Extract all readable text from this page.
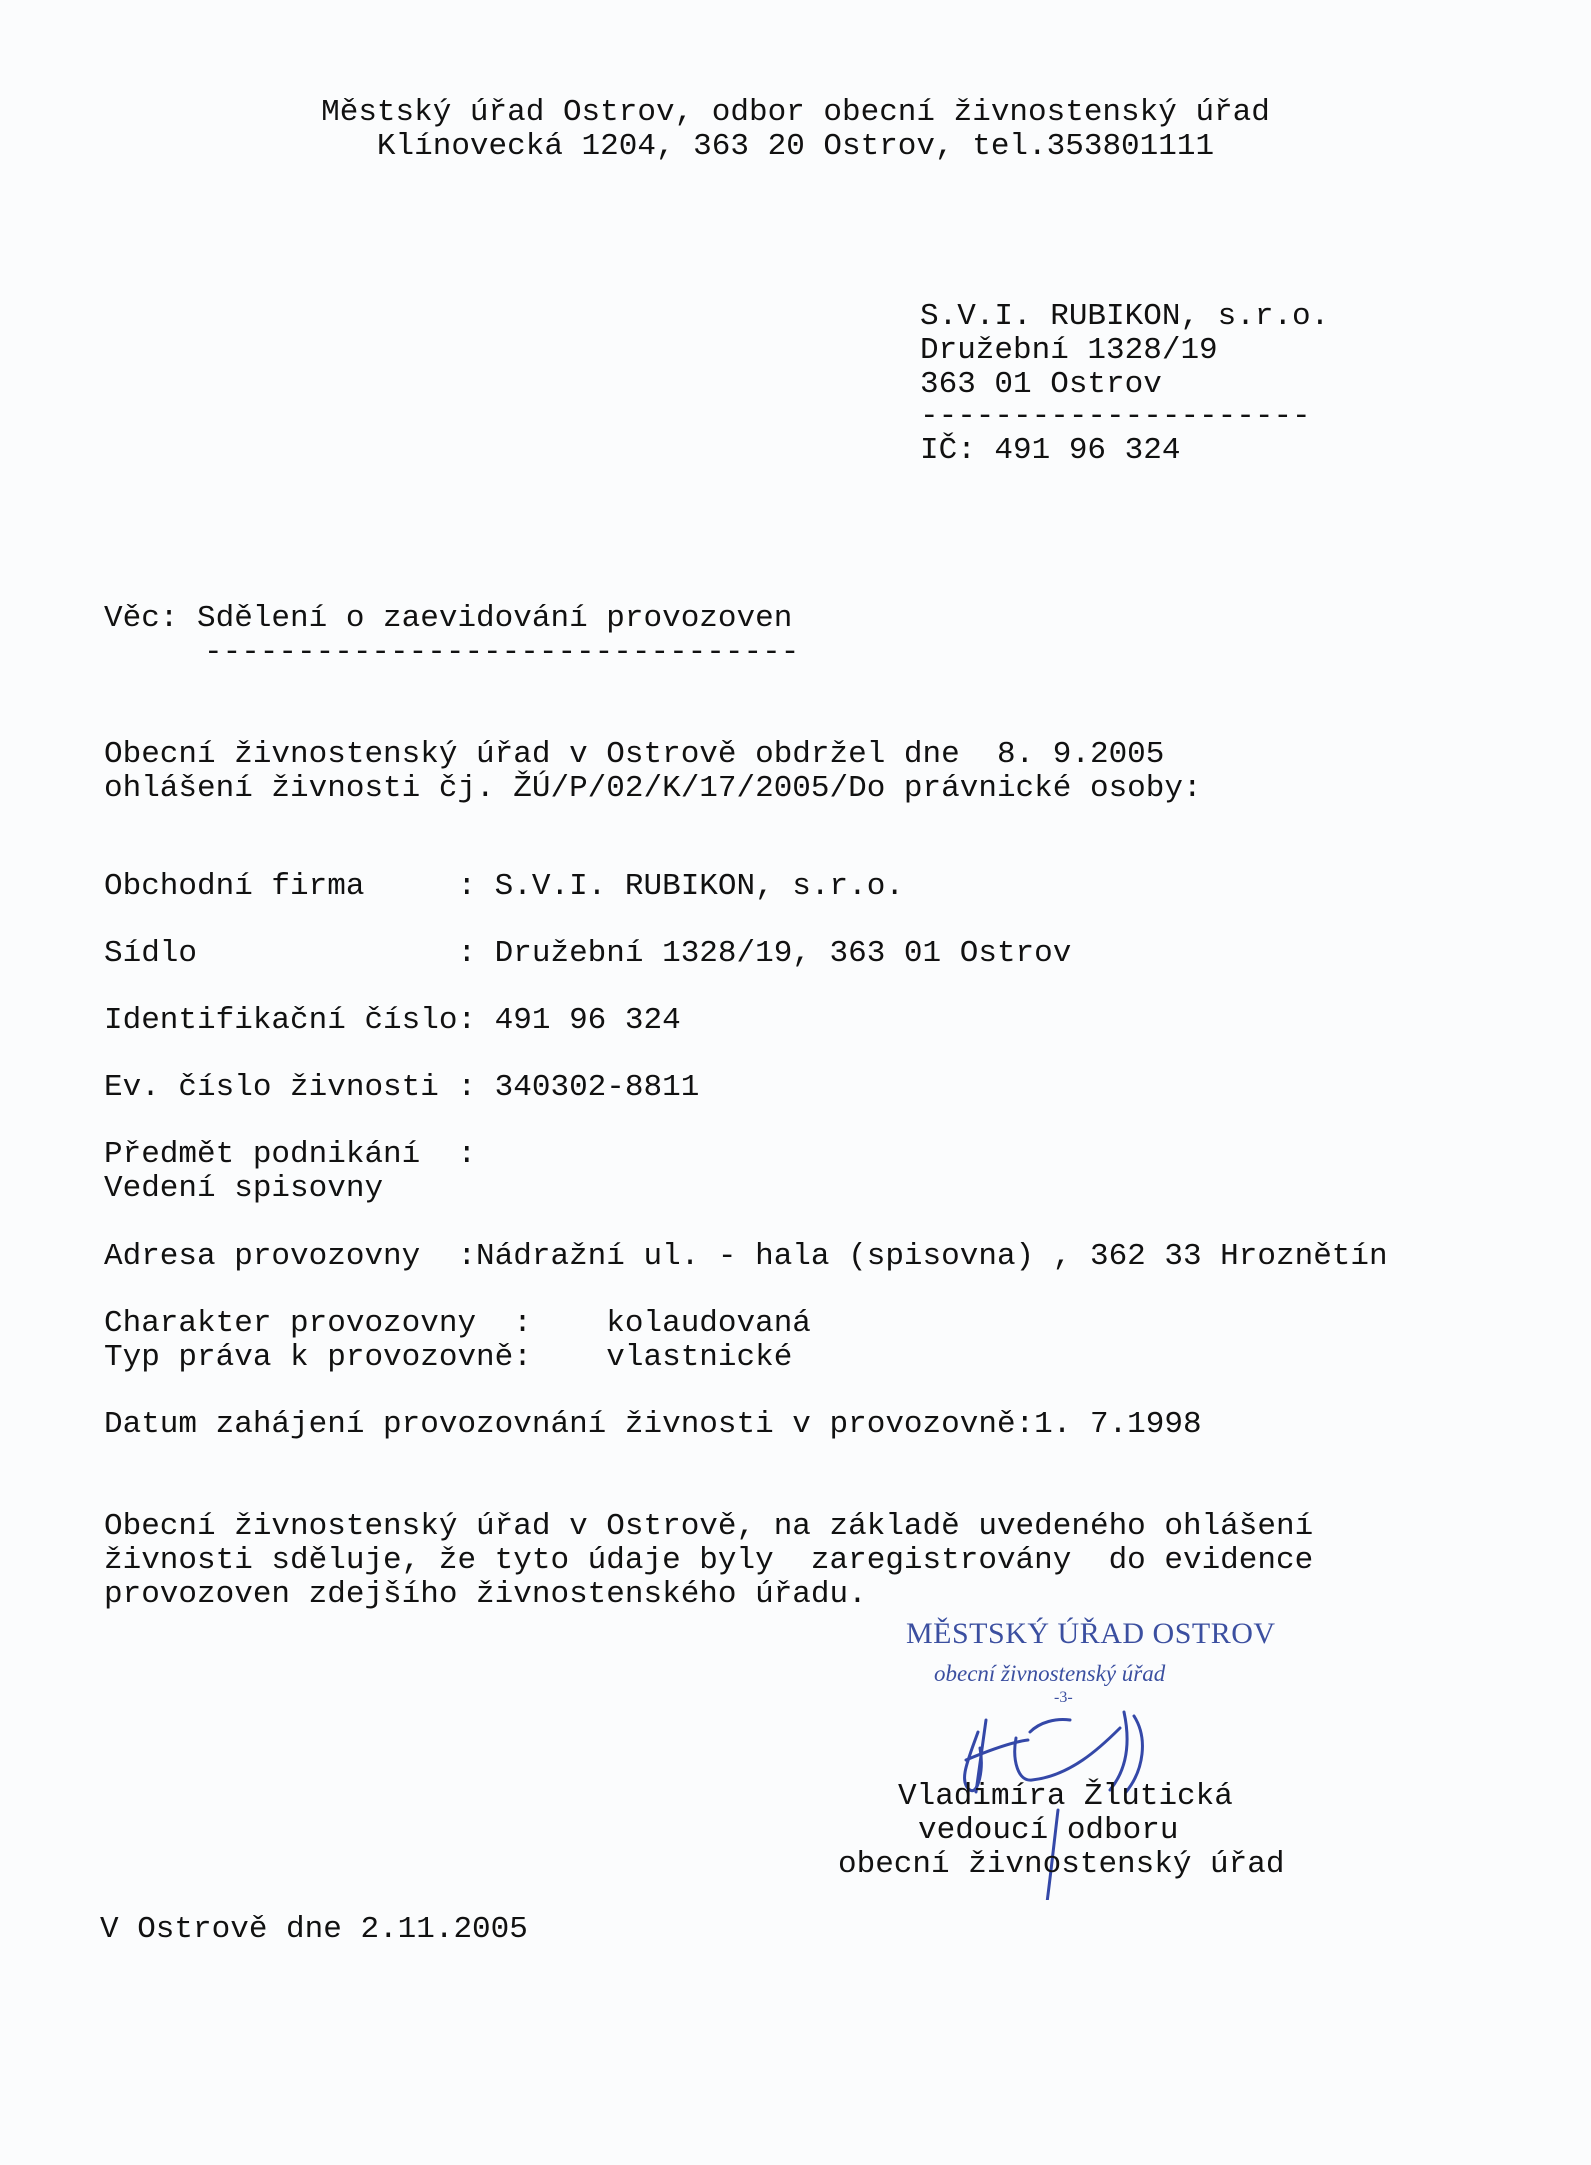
Městský úřad Ostrov, odbor obecní živnostenský úřad
Klínovecká 1204, 363 20 Ostrov, tel.353801111
S.V.I. RUBIKON, s.r.o.
Družební 1328/19
363 01 Ostrov
---------------------
IČ: 491 96 324
Věc: Sdělení o zaevidování provozoven
--------------------------------
Obecní živnostenský úřad v Ostrově obdržel dne  8. 9.2005
ohlášení živnosti čj. ŽÚ/P/02/K/17/2005/Do právnické osoby:
Obchodní firma     : S.V.I. RUBIKON, s.r.o.
Sídlo              : Družební 1328/19, 363 01 Ostrov
Identifikační číslo: 491 96 324
Ev. číslo živnosti : 340302-8811
Předmět podnikání  :
Vedení spisovny
Adresa provozovny  :Nádražní ul. - hala (spisovna) , 362 33 Hroznětín
Charakter provozovny  :    kolaudovaná
Typ práva k provozovně:    vlastnické
Datum zahájení provozovnání živnosti v provozovně:1. 7.1998
Obecní živnostenský úřad v Ostrově, na základě uvedeného ohlášení
živnosti sděluje, že tyto údaje byly  zaregistrovány  do evidence
provozoven zdejšího živnostenského úřadu.
MĚSTSKÝ ÚŘAD OSTROV
obecní živnostenský úřad
-3-
Vladimíra Žlutická
vedoucí odboru
obecní živnostenský úřad
V Ostrově dne 2.11.2005
